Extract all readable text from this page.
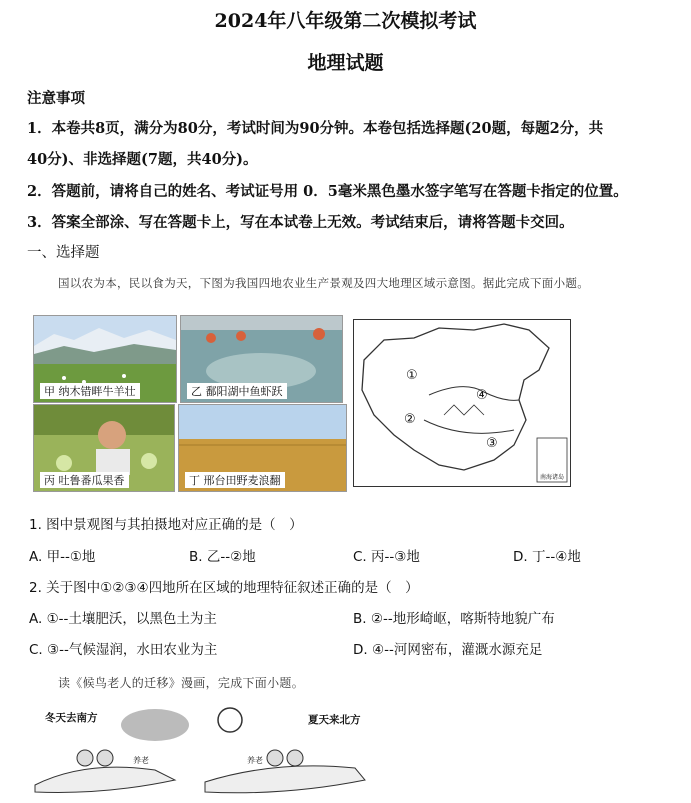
2024年八年级第二次模拟考试
地理试题
注意事项
1．本卷共8页，满分为80分，考试时间为90分钟。本卷包括选择题(20题，每题2分，共
40分)、非选择题(7题，共40分)。
2．答题前，请将自己的姓名、考试证号用 0．5毫米黑色墨水签字笔写在答题卡指定的位置。
3．答案全部涂、写在答题卡上，写在本试卷上无效。考试结束后，请将答题卡交回。
一、选择题
国以农为本，民以食为天，下图为我国四地农业生产景观及四大地理区域示意图。据此完成下面小题。
甲 纳木错畔牛羊壮	乙 鄱阳湖中鱼虾跃
丙 吐鲁番瓜果香	丁 邢台田野麦浪翻
①
②
③
④
南海诸岛
1. 图中景观图与其拍摄地对应正确的是（　）
A. 甲--①地	B. 乙--②地	C. 丙--③地	D. 丁--④地
2. 关于图中①②③④四地所在区域的地理特征叙述正确的是（　）
A. ①--土壤肥沃，以黑色土为主	B. ②--地形崎岖，喀斯特地貌广布
C. ③--气候湿润，水田农业为主	D. ④--河网密布，灌溉水源充足
读《候鸟老人的迁移》漫画，完成下面小题。
冬天去南方	夏天来北方
养老	养老
